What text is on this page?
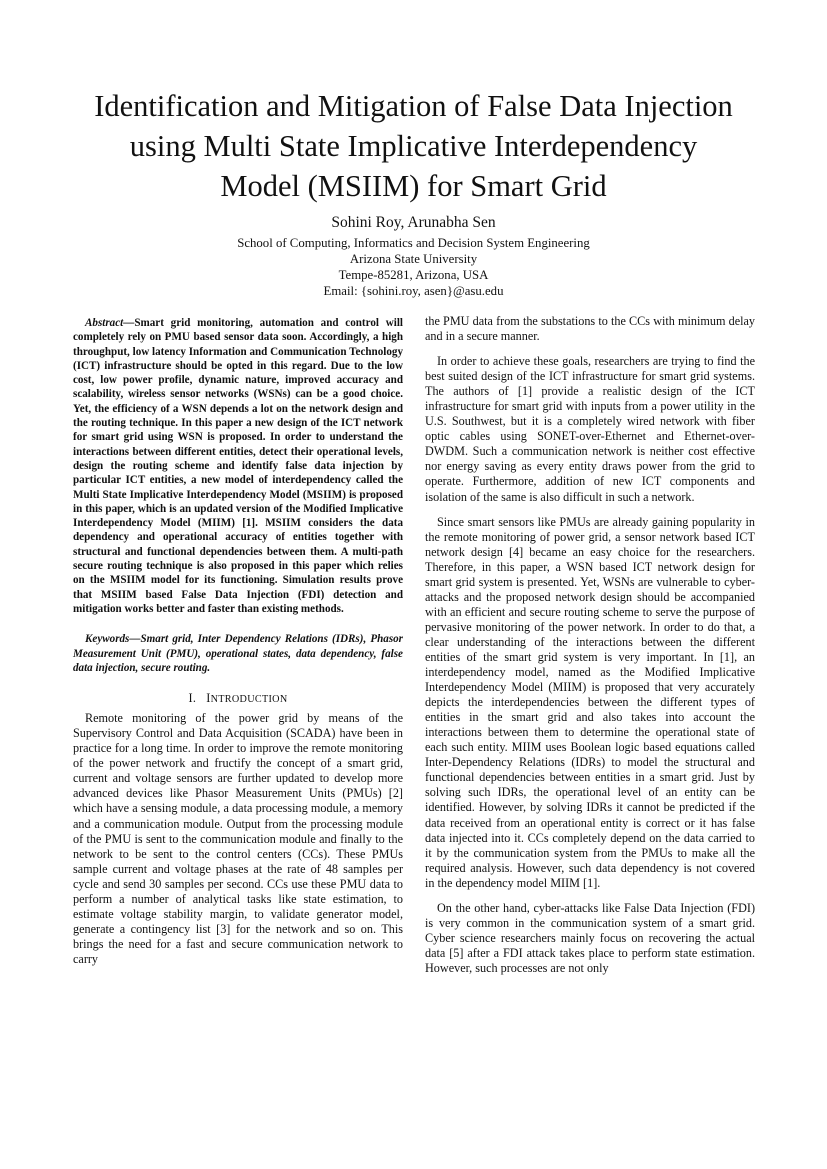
Identification and Mitigation of False Data Injection
using Multi State Implicative Interdependency
Model (MSIIM) for Smart Grid
Sohini Roy, Arunabha Sen
School of Computing, Informatics and Decision System Engineering
Arizona State University
Tempe-85281, Arizona, USA
Email: {sohini.roy, asen}@asu.edu

Abstract—Smart grid monitoring, automation and control will completely rely on PMU based sensor data soon. Accordingly, a high throughput, low latency Information and Communication Technology (ICT) infrastructure should be opted in this regard. Due to the low cost, low power profile, dynamic nature, improved accuracy and scalability, wireless sensor networks (WSNs) can be a good choice. Yet, the efficiency of a WSN depends a lot on the network design and the routing technique. In this paper a new design of the ICT network for smart grid using WSN is proposed. In order to understand the interactions between different entities, detect their operational levels, design the routing scheme and identify false data injection by particular ICT entities, a new model of interdependency called the Multi State Implicative Interdependency Model (MSIIM) is proposed in this paper, which is an updated version of the Modified Implicative Interdependency Model (MIIM) [1]. MSIIM considers the data dependency and operational accuracy of entities together with structural and functional dependencies between them. A multi-path secure routing technique is also proposed in this paper which relies on the MSIIM model for its functioning. Simulation results prove that MSIIM based False Data Injection (FDI) detection and mitigation works better and faster than existing methods.

Keywords—Smart grid, Inter Dependency Relations (IDRs), Phasor Measurement Unit (PMU), operational states, data dependency, false data injection, secure routing.

I. INTRODUCTION

Remote monitoring of the power grid by means of the Supervisory Control and Data Acquisition (SCADA) have been in practice for a long time. In order to improve the remote monitoring of the power network and fructify the concept of a smart grid, current and voltage sensors are further updated to develop more advanced devices like Phasor Measurement Units (PMUs) [2] which have a sensing module, a data processing module, a memory and a communication module. Output from the processing module of the PMU is sent to the communication module and finally to the network to be sent to the control centers (CCs). These PMUs sample current and voltage phases at the rate of 48 samples per cycle and send 30 samples per second. CCs use these PMU data to perform a number of analytical tasks like state estimation, to estimate voltage stability margin, to validate generator model, generate a contingency list [3] for the network and so on. This brings the need for a fast and secure communication network to carry

the PMU data from the substations to the CCs with minimum delay and in a secure manner.

In order to achieve these goals, researchers are trying to find the best suited design of the ICT infrastructure for smart grid systems. The authors of [1] provide a realistic design of the ICT infrastructure for smart grid with inputs from a power utility in the U.S. Southwest, but it is a completely wired network with fiber optic cables using SONET-over-Ethernet and Ethernet-over-DWDM. Such a communication network is neither cost effective nor energy saving as every entity draws power from the grid to operate. Furthermore, addition of new ICT components and isolation of the same is also difficult in such a network.

Since smart sensors like PMUs are already gaining popularity in the remote monitoring of power grid, a sensor network based ICT network design [4] became an easy choice for the researchers. Therefore, in this paper, a WSN based ICT network design for smart grid system is presented. Yet, WSNs are vulnerable to cyber-attacks and the proposed network design should be accompanied with an efficient and secure routing scheme to serve the purpose of pervasive monitoring of the power network. In order to do that, a clear understanding of the interactions between the different entities of the smart grid system is very important. In [1], an interdependency model, named as the Modified Implicative Interdependency Model (MIIM) is proposed that very accurately depicts the interdependencies between the different types of entities in the smart grid and also takes into account the interactions between them to determine the operational state of each such entity. MIIM uses Boolean logic based equations called Inter-Dependency Relations (IDRs) to model the structural and functional dependencies between entities in a smart grid. Just by solving such IDRs, the operational level of an entity can be identified. However, by solving IDRs it cannot be predicted if the data received from an operational entity is correct or it has false data injected into it. CCs completely depend on the data carried to it by the communication system from the PMUs to make all the required analysis. However, such data dependency is not covered in the dependency model MIIM [1].

On the other hand, cyber-attacks like False Data Injection (FDI) is very common in the communication system of a smart grid. Cyber science researchers mainly focus on recovering the actual data [5] after a FDI attack takes place to perform state estimation. However, such processes are not only
